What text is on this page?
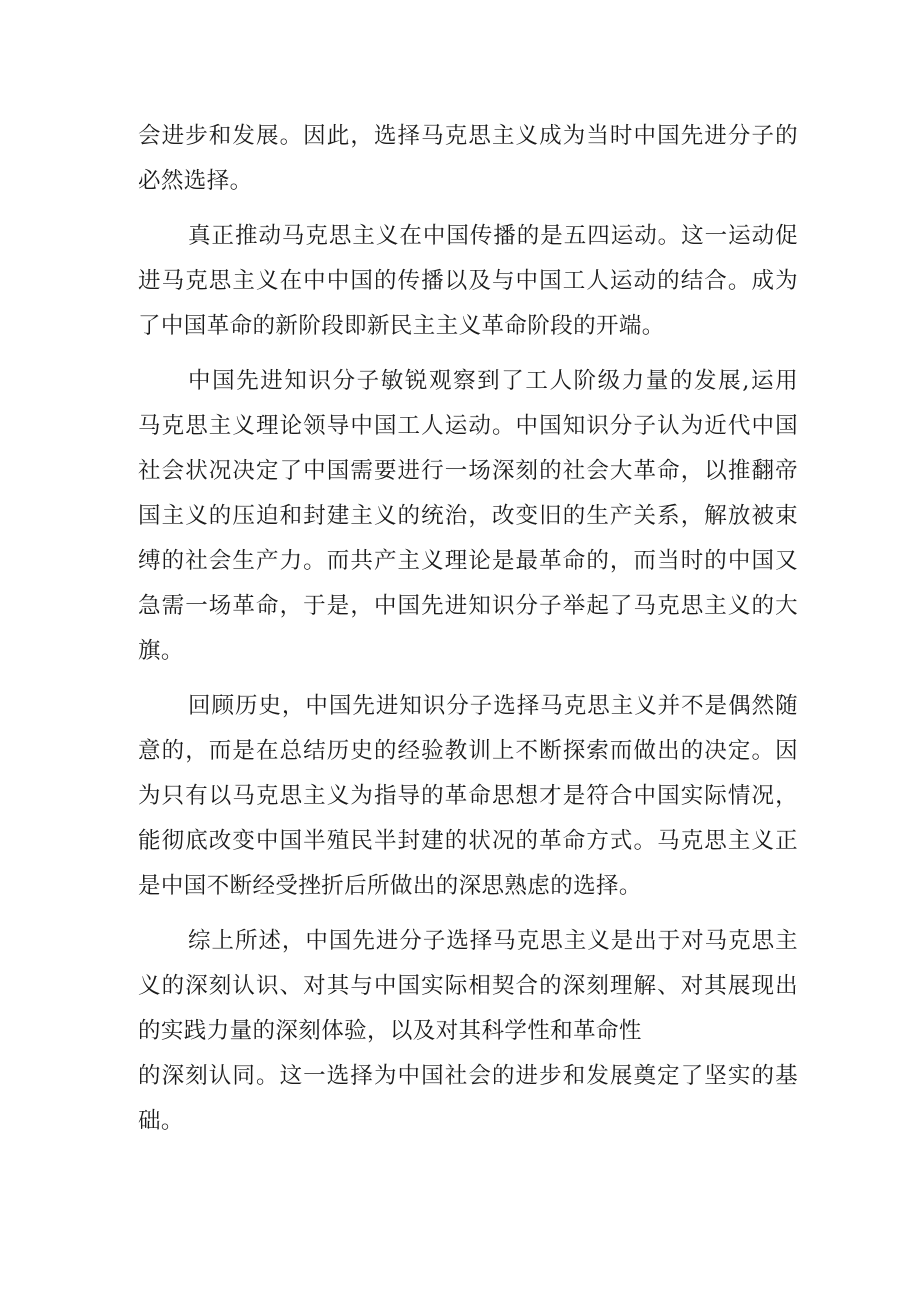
会进步和发展。因此，选择马克思主义成为当时中国先进分子的
必然选择。
真正推动马克思主义在中国传播的是五四运动。这一运动促
进马克思主义在中中国的传播以及与中国工人运动的结合。成为
了中国革命的新阶段即新民主主义革命阶段的开端。
中国先进知识分子敏锐观察到了工人阶级力量的发展,运用
马克思主义理论领导中国工人运动。中国知识分子认为近代中国
社会状况决定了中国需要进行一场深刻的社会大革命，以推翻帝
国主义的压迫和封建主义的统治，改变旧的生产关系，解放被束
缚的社会生产力。而共产主义理论是最革命的，而当时的中国又
急需一场革命，于是，中国先进知识分子举起了马克思主义的大
旗。
回顾历史，中国先进知识分子选择马克思主义并不是偶然随
意的，而是在总结历史的经验教训上不断探索而做出的决定。因
为只有以马克思主义为指导的革命思想才是符合中国实际情况，
能彻底改变中国半殖民半封建的状况的革命方式。马克思主义正
是中国不断经受挫折后所做出的深思熟虑的选择。
综上所述，中国先进分子选择马克思主义是出于对马克思主
义的深刻认识、对其与中国实际相契合的深刻理解、对其展现出
的实践力量的深刻体验，以及对其科学性和革命性
的深刻认同。这一选择为中国社会的进步和发展奠定了坚实的基
础。
